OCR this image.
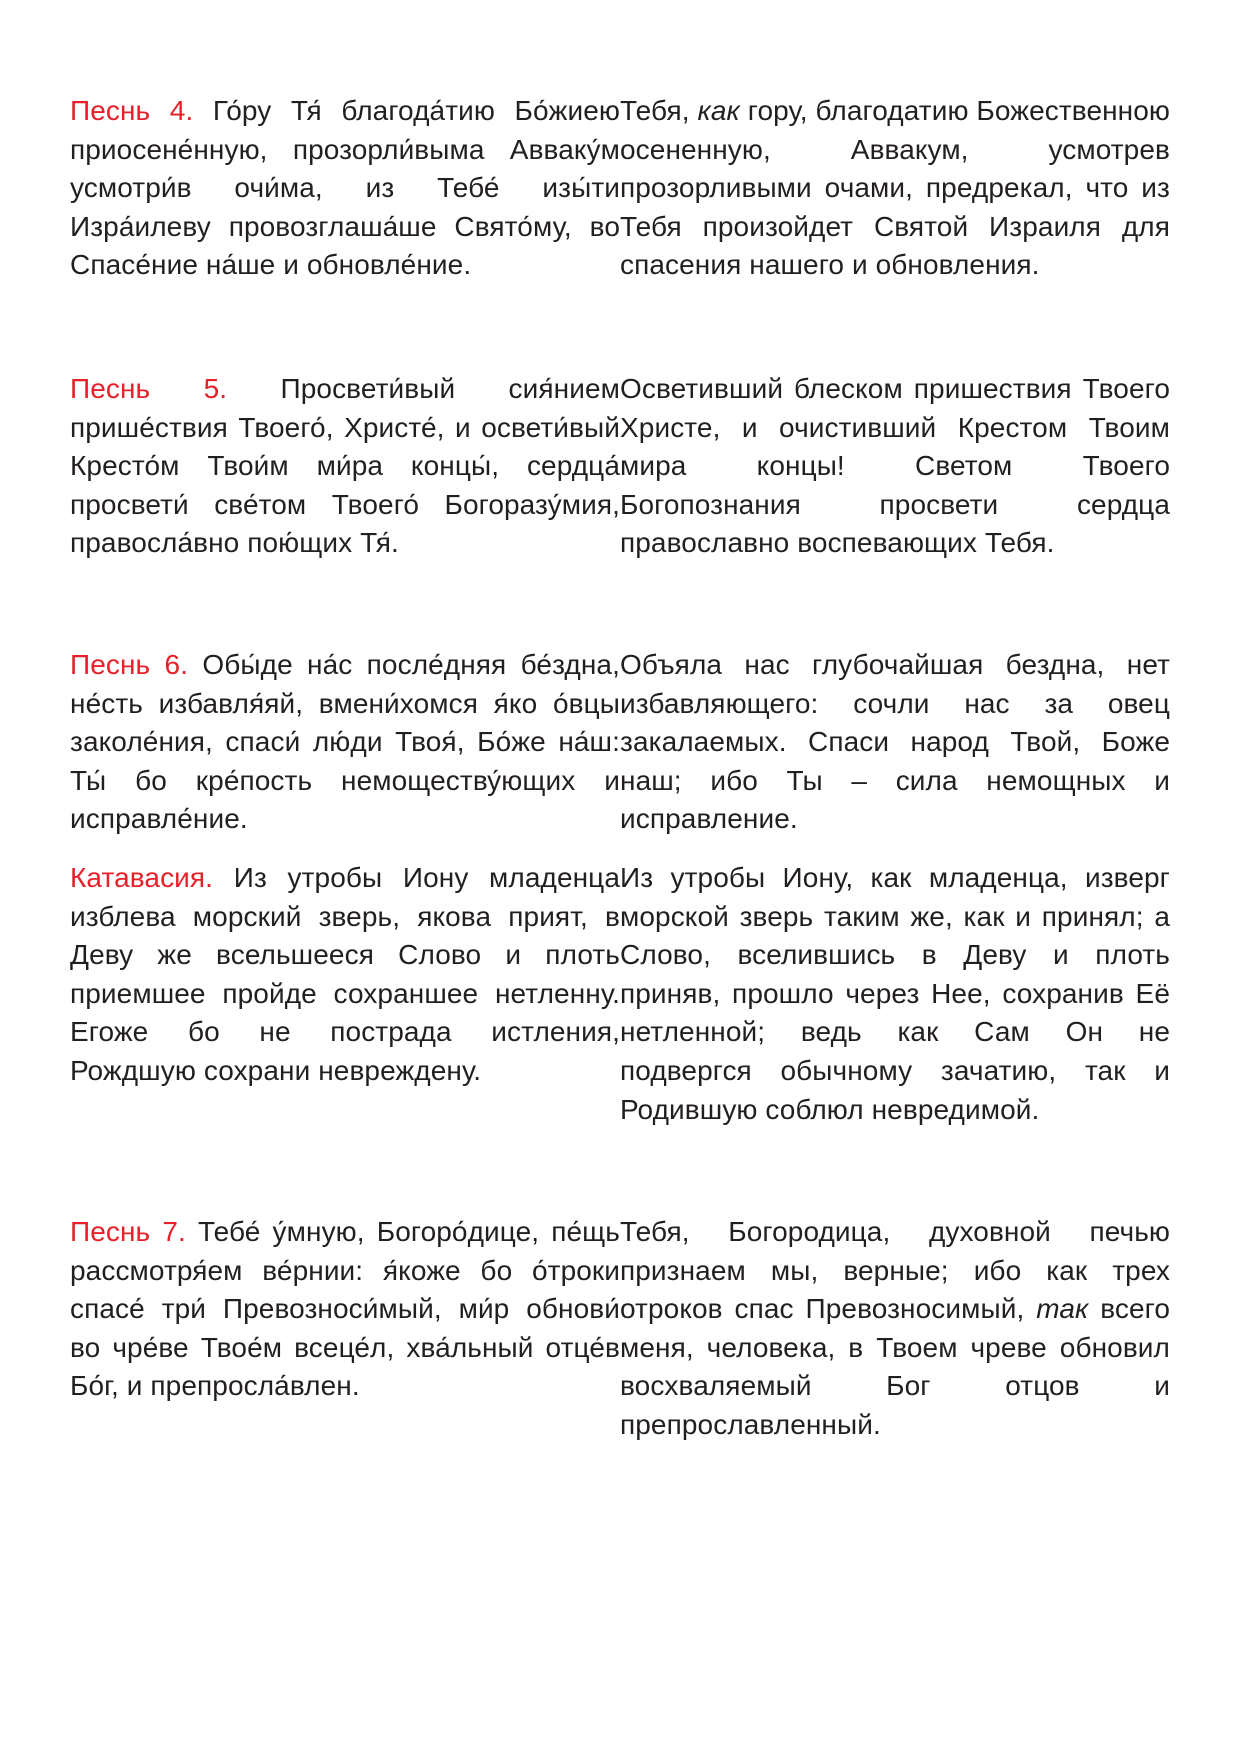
Песнь 4. Го́ру Тя́ благода́тию Бо́жиею приосене́нную, прозорли́выма Авваку́м усмотри́в очи́ма, из Тебе́ изы́ти Изра́илеву провозглаша́ше Свято́му, во Спасе́ние на́ше и обновле́ние.

Тебя, как гору, благодатию Божественною осененную, Аввакум, усмотрев прозорливыми очами, предрекал, что из Тебя произойдет Святой Израиля для спасения нашего и обновления.

Песнь 5. Просвети́вый сия́нием прише́ствия Твоего́, Христе́, и освети́вый Кресто́м Твои́м ми́ра концы́, сердца́ просвети́ све́том Твоего́ Богоразу́мия, правосла́вно пою́щих Тя́.

Осветивший блеском пришествия Твоего Христе, и очистивший Крестом Твоим мира концы! Светом Твоего Богопознания просвети сердца православно воспевающих Тебя.

Песнь 6. Обы́де на́с после́дняя бе́здна, не́сть избавля́яй, вмени́хомся я́ко о́вцы заколе́ния, спаси́ лю́ди Твоя́, Бо́же на́ш: Ты́ бо кре́пость немоществу́ющих и исправле́ние.

Объяла нас глубочайшая бездна, нет избавляющего: сочли нас за овец закалаемых. Спаси народ Твой, Боже наш; ибо Ты – сила немощных и исправление.

Катавасия. Из утробы Иону младенца изблева морский зверь, якова прият, в Деву же всельшееся Слово и плоть приемшее пройде сохраншее нетленну. Егоже бо не пострада истления, Рождшую сохрани невреждену.

Из утробы Иону, как младенца, изверг морской зверь таким же, как и принял; а Слово, вселившись в Деву и плоть приняв, прошло через Нее, сохранив Её нетленной; ведь как Сам Он не подвергся обычному зачатию, так и Родившую соблюл невредимой.

Песнь 7. Тебе́ у́мную, Богоро́дице, пе́щь рассмотря́ем ве́рнии: я́коже бо о́троки спасе́ три́ Превозноси́мый, ми́р обнови́ во чре́ве Твое́м всеце́л, хва́льный отце́в Бо́г, и препросла́влен.

Тебя, Богородица, духовной печью признаем мы, верные; ибо как трех отроков спас Превозносимый, так всего меня, человека, в Твоем чреве обновил восхваляемый Бог отцов и препрославленный.
